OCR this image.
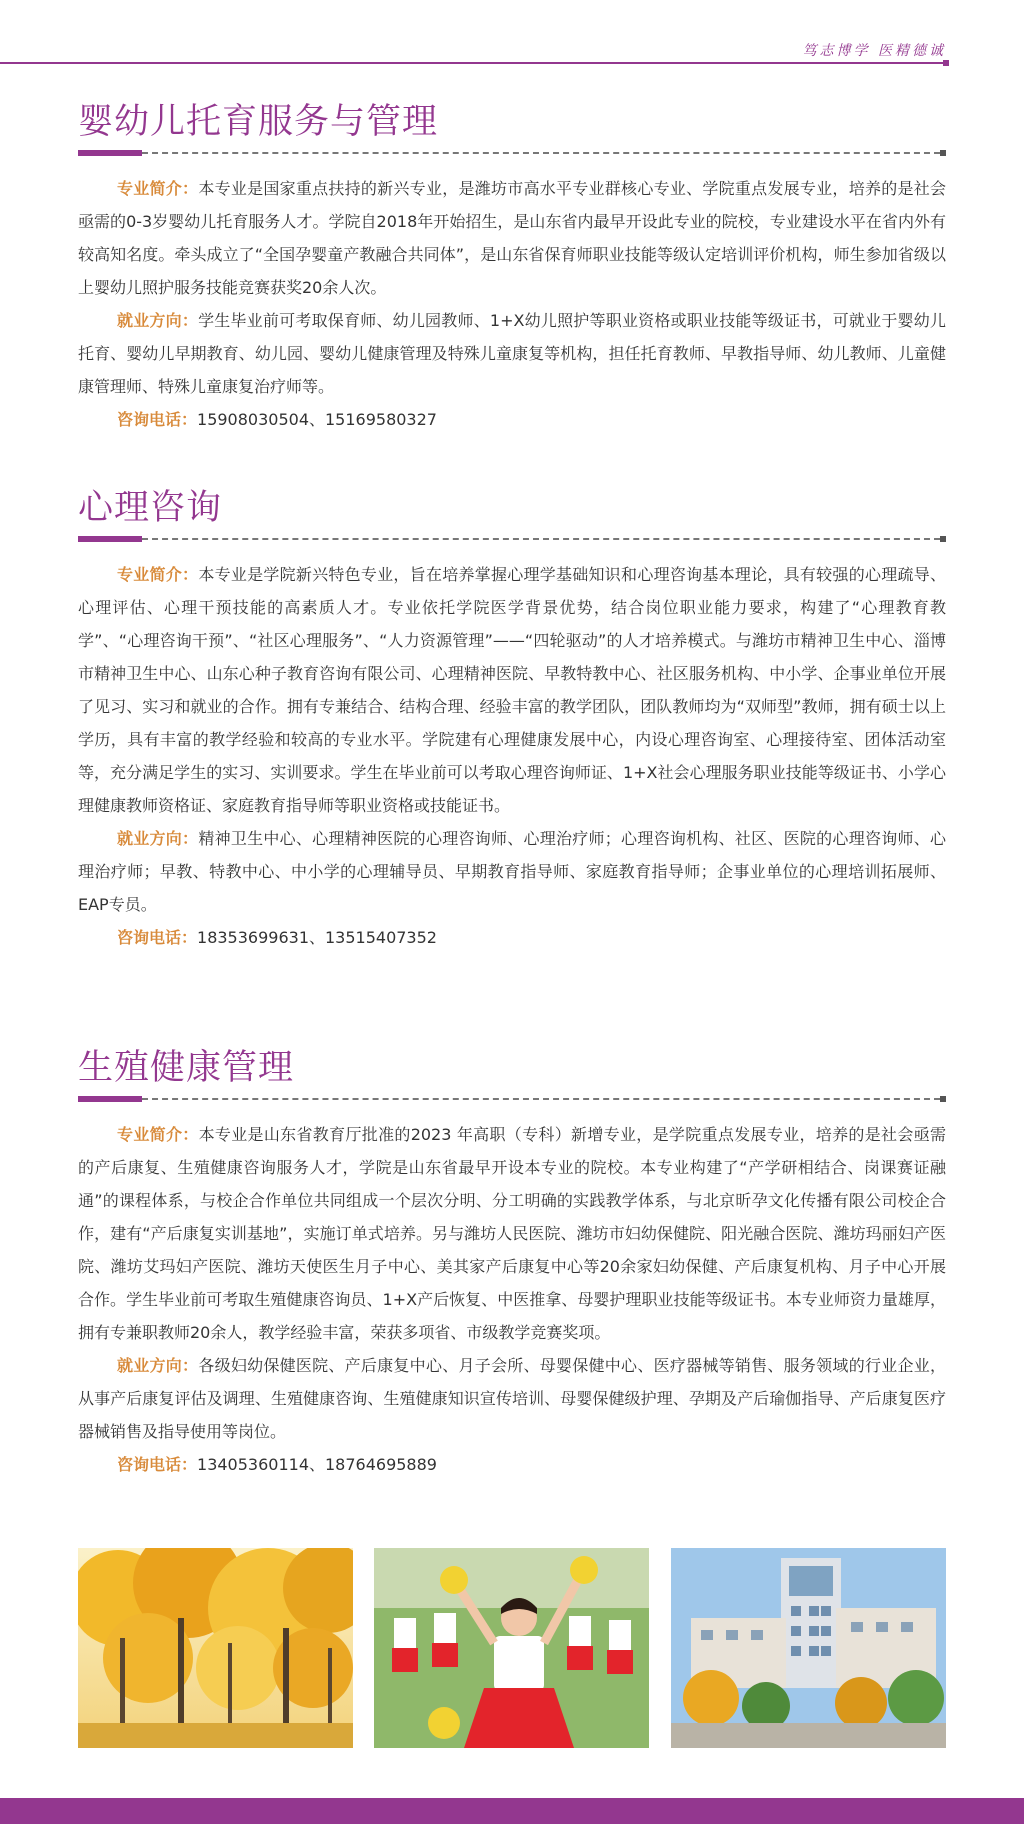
笃志博学 医精德诚
婴幼儿托育服务与管理

专业简介：本专业是国家重点扶持的新兴专业，是潍坊市高水平专业群核心专业、学院重点发展专业，培养的是社会亟需的0-3岁婴幼儿托育服务人才。学院自2018年开始招生，是山东省内最早开设此专业的院校，专业建设水平在省内外有较高知名度。牵头成立了“全国孕婴童产教融合共同体”，是山东省保育师职业技能等级认定培训评价机构，师生参加省级以上婴幼儿照护服务技能竞赛获奖20余人次。

就业方向：学生毕业前可考取保育师、幼儿园教师、1+X幼儿照护等职业资格或职业技能等级证书，可就业于婴幼儿托育、婴幼儿早期教育、幼儿园、婴幼儿健康管理及特殊儿童康复等机构，担任托育教师、早教指导师、幼儿教师、儿童健康管理师、特殊儿童康复治疗师等。

咨询电话：15908030504、15169580327

心理咨询

专业简介：本专业是学院新兴特色专业，旨在培养掌握心理学基础知识和心理咨询基本理论，具有较强的心理疏导、心理评估、心理干预技能的高素质人才。专业依托学院医学背景优势，结合岗位职业能力要求，构建了“心理教育教学”、“心理咨询干预”、“社区心理服务”、“人力资源管理”——“四轮驱动”的人才培养模式。与潍坊市精神卫生中心、淄博市精神卫生中心、山东心种子教育咨询有限公司、心理精神医院、早教特教中心、社区服务机构、中小学、企事业单位开展了见习、实习和就业的合作。拥有专兼结合、结构合理、经验丰富的教学团队，团队教师均为“双师型”教师，拥有硕士以上学历，具有丰富的教学经验和较高的专业水平。学院建有心理健康发展中心，内设心理咨询室、心理接待室、团体活动室等，充分满足学生的实习、实训要求。学生在毕业前可以考取心理咨询师证、1+X社会心理服务职业技能等级证书、小学心理健康教师资格证、家庭教育指导师等职业资格或技能证书。

就业方向：精神卫生中心、心理精神医院的心理咨询师、心理治疗师；心理咨询机构、社区、医院的心理咨询师、心理治疗师；早教、特教中心、中小学的心理辅导员、早期教育指导师、家庭教育指导师；企事业单位的心理培训拓展师、EAP专员。

咨询电话：18353699631、13515407352

生殖健康管理

专业简介：本专业是山东省教育厅批准的2023 年高职（专科）新增专业，是学院重点发展专业，培养的是社会亟需的产后康复、生殖健康咨询服务人才，学院是山东省最早开设本专业的院校。本专业构建了“产学研相结合、岗课赛证融通”的课程体系，与校企合作单位共同组成一个层次分明、分工明确的实践教学体系，与北京昕孕文化传播有限公司校企合作，建有“产后康复实训基地”，实施订单式培养。另与潍坊人民医院、潍坊市妇幼保健院、阳光融合医院、潍坊玛丽妇产医院、潍坊艾玛妇产医院、潍坊天使医生月子中心、美其家产后康复中心等20余家妇幼保健、产后康复机构、月子中心开展合作。学生毕业前可考取生殖健康咨询员、1+X产后恢复、中医推拿、母婴护理职业技能等级证书。本专业师资力量雄厚，拥有专兼职教师20余人，教学经验丰富，荣获多项省、市级教学竞赛奖项。

就业方向：各级妇幼保健医院、产后康复中心、月子会所、母婴保健中心、医疗器械等销售、服务领域的行业企业，从事产后康复评估及调理、生殖健康咨询、生殖健康知识宣传培训、母婴保健级护理、孕期及产后瑜伽指导、产后康复医疗器械销售及指导使用等岗位。

咨询电话：13405360114、18764695889
